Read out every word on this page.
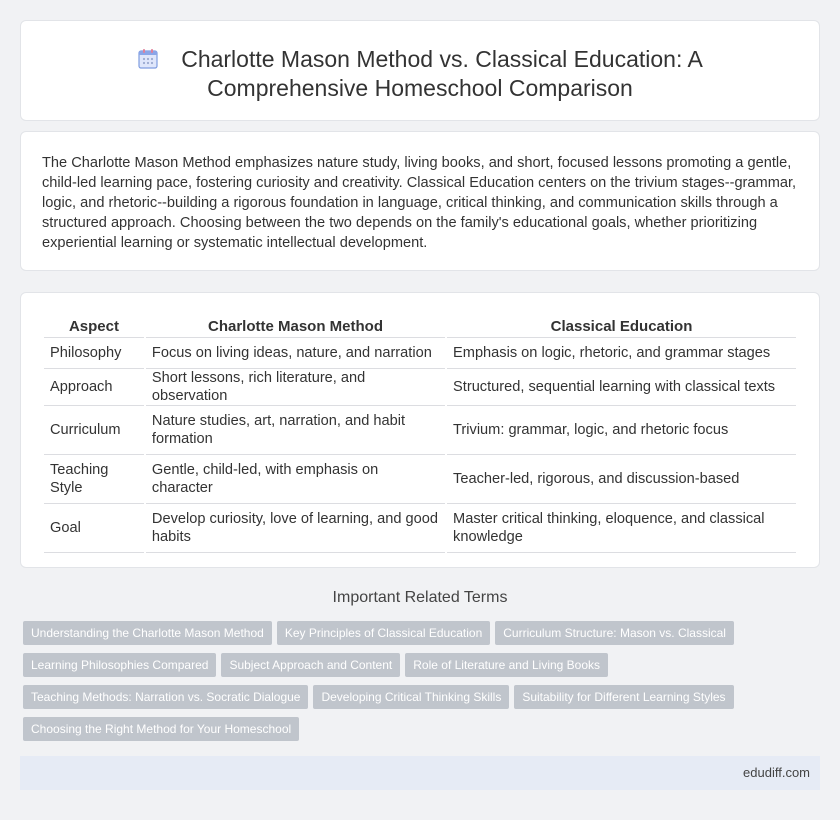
Charlotte Mason Method vs. Classical Education: A
Comprehensive Homeschool Comparison

The Charlotte Mason Method emphasizes nature study, living books, and short, focused lessons promoting a gentle, child-led learning pace, fostering curiosity and creativity. Classical Education centers on the trivium stages--grammar, logic, and rhetoric--building a rigorous foundation in language, critical thinking, and communication skills through a structured approach. Choosing between the two depends on the family's educational goals, whether prioritizing experiential learning or systematic intellectual development.

Aspect	Charlotte Mason Method	Classical Education
Philosophy	Focus on living ideas, nature, and narration	Emphasis on logic, rhetoric, and grammar stages
Approach	Short lessons, rich literature, and observation	Structured, sequential learning with classical texts
Curriculum	Nature studies, art, narration, and habit formation	Trivium: grammar, logic, and rhetoric focus
Teaching Style	Gentle, child-led, with emphasis on character	Teacher-led, rigorous, and discussion-based
Goal	Develop curiosity, love of learning, and good habits	Master critical thinking, eloquence, and classical knowledge
Important Related Terms
Understanding the Charlotte Mason Method Key Principles of Classical Education Curriculum Structure: Mason vs. Classical
Learning Philosophies Compared Subject Approach and Content Role of Literature and Living Books
Teaching Methods: Narration vs. Socratic Dialogue Developing Critical Thinking Skills Suitability for Different Learning Styles
Choosing the Right Method for Your Homeschool
edudiff.com
